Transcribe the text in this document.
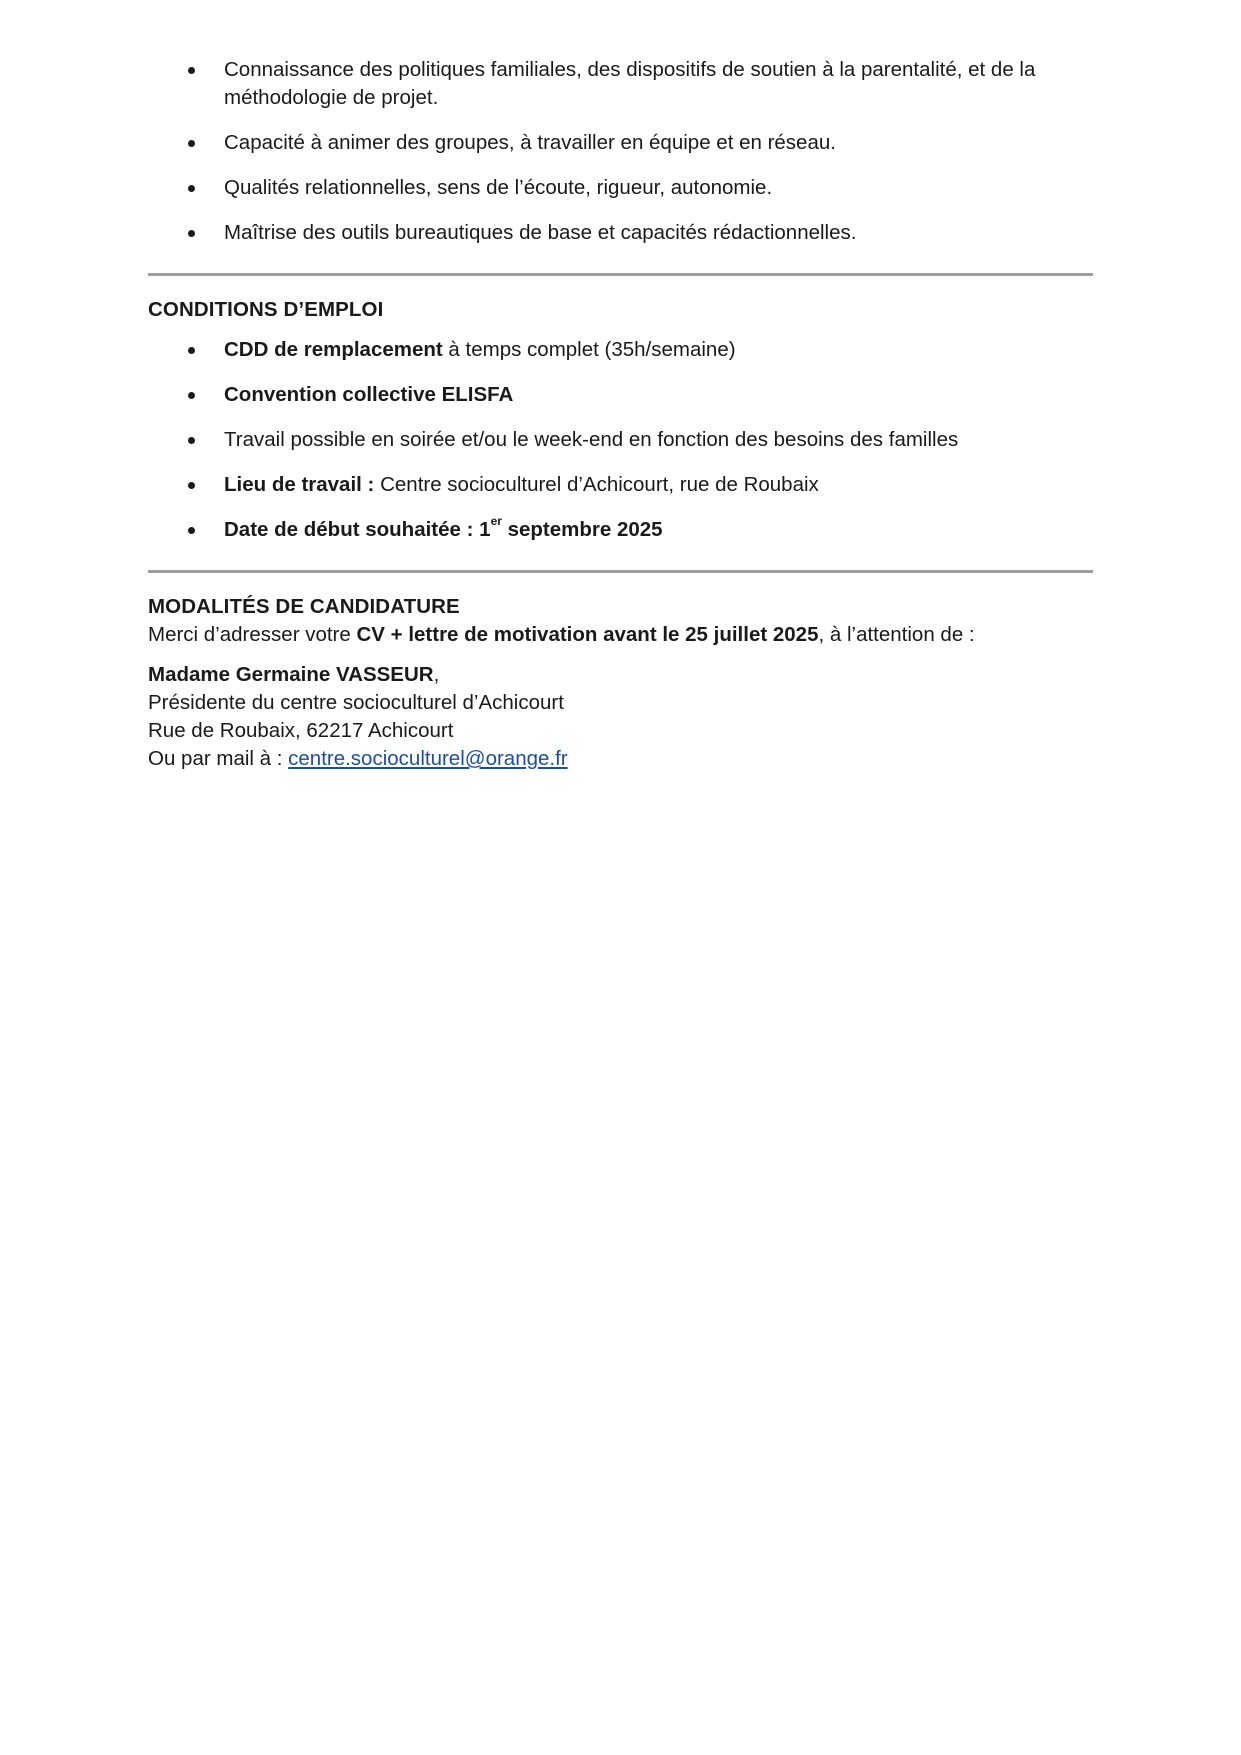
Connaissance des politiques familiales, des dispositifs de soutien à la parentalité, et de la méthodologie de projet.
Capacité à animer des groupes, à travailler en équipe et en réseau.
Qualités relationnelles, sens de l’écoute, rigueur, autonomie.
Maîtrise des outils bureautiques de base et capacités rédactionnelles.
CONDITIONS D’EMPLOI
CDD de remplacement à temps complet (35h/semaine)
Convention collective ELISFA
Travail possible en soirée et/ou le week-end en fonction des besoins des familles
Lieu de travail : Centre socioculturel d’Achicourt, rue de Roubaix
Date de début souhaitée : 1er septembre 2025
MODALITÉS DE CANDIDATURE
Merci d’adresser votre CV + lettre de motivation avant le 25 juillet 2025, à l’attention de :
Madame Germaine VASSEUR,
Présidente du centre socioculturel d’Achicourt
Rue de Roubaix, 62217 Achicourt
Ou par mail à : centre.socioculturel@orange.fr
